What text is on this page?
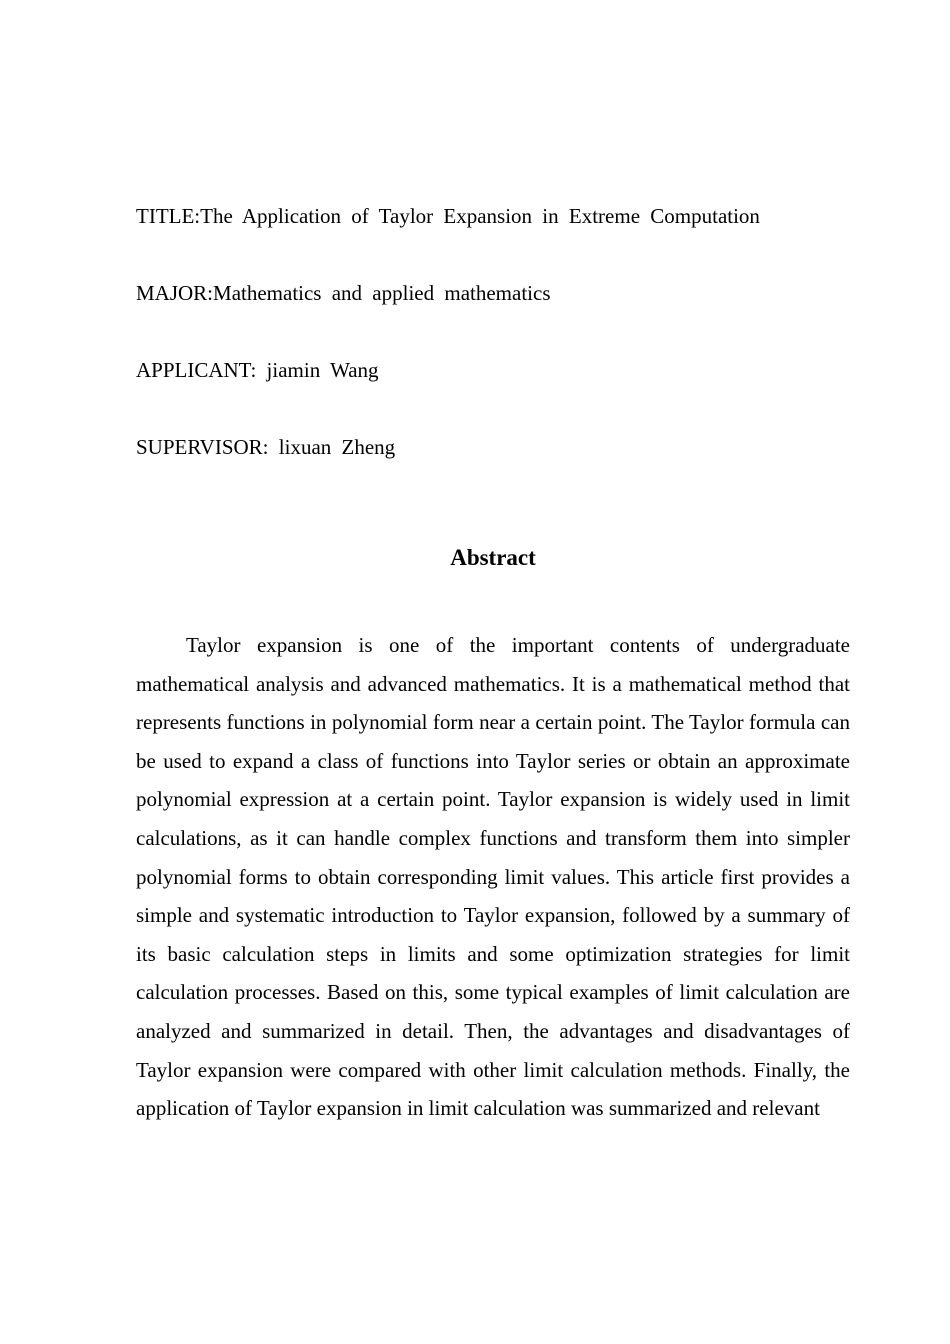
TITLE:The Application of Taylor Expansion in Extreme Computation
MAJOR:Mathematics and applied mathematics
APPLICANT: jiamin Wang
SUPERVISOR: lixuan Zheng
Abstract

Taylor expansion is one of the important contents of undergraduate mathematical analysis and advanced mathematics. It is a mathematical method that represents functions in polynomial form near a certain point. The Taylor formula can be used to expand a class of functions into Taylor series or obtain an approximate polynomial expression at a certain point. Taylor expansion is widely used in limit calculations, as it can handle complex functions and transform them into simpler polynomial forms to obtain corresponding limit values. This article first provides a simple and systematic introduction to Taylor expansion, followed by a summary of its basic calculation steps in limits and some optimization strategies for limit calculation processes. Based on this, some typical examples of limit calculation are analyzed and summarized in detail. Then, the advantages and disadvantages of Taylor expansion were compared with other limit calculation methods. Finally, the application of Taylor expansion in limit calculation was summarized and relevant
